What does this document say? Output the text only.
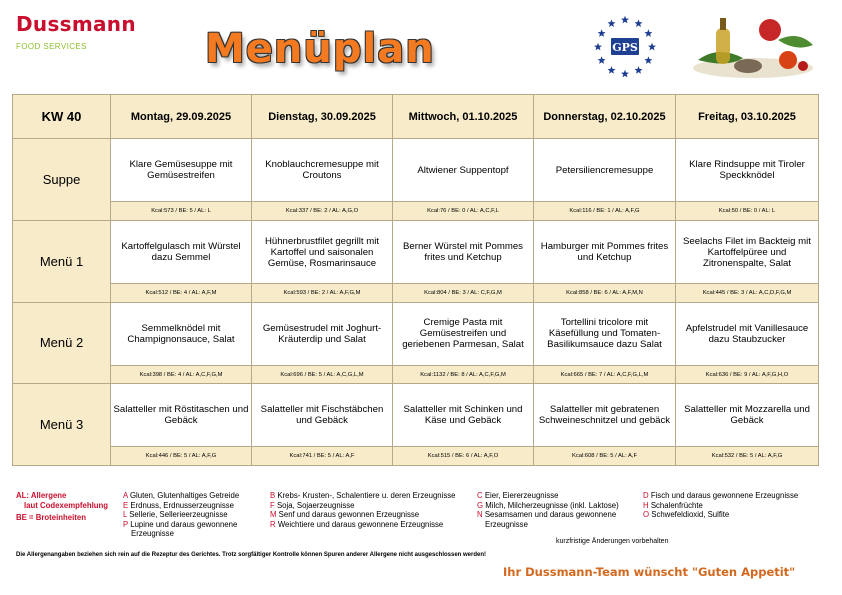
Dussmann
FOOD SERVICES	Menüplan	GPS
KW 40	Montag, 29.09.2025	Dienstag, 30.09.2025	Mittwoch, 01.10.2025	Donnerstag, 02.10.2025	Freitag, 03.10.2025
Suppe	Klare Gemüsesuppe mit Gemüsestreifen	Knoblauchcremesuppe mit Croutons	Altwiener Suppentopf	Petersiliencremesuppe	Klare Rindsuppe mit Tiroler Speckknödel
	Kcal:573 / BE: 5 / AL: L	Kcal:337 / BE: 2 / AL: A,G,O	Kcal:76 / BE: 0 / AL: A,C,F,L	Kcal:116 / BE: 1 / AL: A,F,G	Kcal:50 / BE: 0 / AL: L
Menü 1	Kartoffelgulasch mit Würstel dazu Semmel	Hühnerbrustfilet gegrillt mit Kartoffel und saisonalen Gemüse, Rosmarinsauce	Berner Würstel mit Pommes frites und Ketchup	Hamburger mit Pommes frites und Ketchup	Seelachs Filet im Backteig mit Kartoffelpüree und Zitronenspalte, Salat
	Kcal:512 / BE: 4 / AL: A,F,M	Kcal:593 / BE: 2 / AL: A,F,G,M	Kcal:804 / BE: 3 / AL: C,F,G,M	Kcal:858 / BE: 6 / AL: A,F,M,N	Kcal:445 / BE: 3 / AL: A,C,D,F,G,M
Menü 2	Semmelknödel mit Champignonsauce, Salat	Gemüsestrudel mit Joghurt-Kräuterdip und Salat	Cremige Pasta mit Gemüsestreifen und geriebenen Parmesan, Salat	Tortellini tricolore mit Käsefüllung und Tomaten-Basilikumsauce dazu Salat	Apfelstrudel mit Vanillesauce dazu Staubzucker
	Kcal:398 / BE: 4 / AL: A,C,F,G,M	Kcal:696 / BE: 5 / AL: A,C,G,L,M	Kcal:1132 / BE: 8 / AL: A,C,F,G,M	Kcal:665 / BE: 7 / AL: A,C,F,G,L,M	Kcal:636 / BE: 9 / AL: A,F,G,H,O
Menü 3	Salatteller mit Röstitaschen und Gebäck	Salatteller mit Fischstäbchen und Gebäck	Salatteller mit Schinken und Käse und Gebäck	Salatteller mit gebratenen Schweineschnitzel und gebäck	Salatteller mit Mozzarella und Gebäck
	Kcal:446 / BE: 5 / AL: A,F,G	Kcal:741 / BE: 5 / AL: A,F	Kcal:515 / BE: 6 / AL: A,F,O	Kcal:608 / BE: 5 / AL: A,F	Kcal:532 / BE: 5 / AL: A,F,G
AL: Allergene
laut Codexempfehlung
BE = Broteinheiten
A Gluten, Glutenhaltiges Getreide
E Erdnuss, Erdnusserzeugnisse
L Sellerie, Sellerieerzeugnisse
P Lupine und daraus gewonnene
Erzeugnisse
B Krebs- Krusten-, Schalentiere u. deren Erzeugnisse
F Soja, Sojaerzeugnisse
M Senf und daraus gewonnen Erzeugnisse
R Weichtiere und daraus gewonnene Erzeugnisse
C Eier, Eiererzeugnisse
G Milch, Milcherzeugnisse (inkl. Laktose)
N Sesamsamen und daraus gewonnene
Erzeugnisse
D Fisch und daraus gewonnene Erzeugnisse
H Schalenfrüchte
O Schwefeldioxid, Sulfite
kurzfristige Änderungen vorbehalten
Die Allergenangaben beziehen sich rein auf die Rezeptur des Gerichtes. Trotz sorgfältiger Kontrolle können Spuren anderer Allergene nicht ausgeschlossen werden!
Ihr Dussmann-Team wünscht "Guten Appetit"
